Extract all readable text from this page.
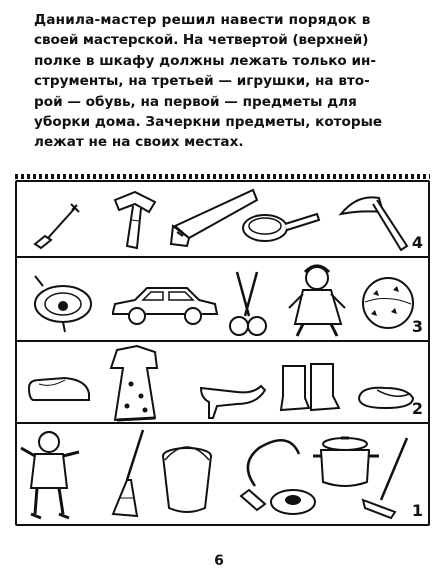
Данила-мастер решил навести порядок в
своей мастерской. На четвертой (верхней)
полке в шкафу должны лежать только ин-
струменты, на третьей — игрушки, на вто-
рой — обувь, на первой — предметы для
уборки дома. Зачеркни предметы, которые
лежат не на своих местах.
4
3
2
1
6
